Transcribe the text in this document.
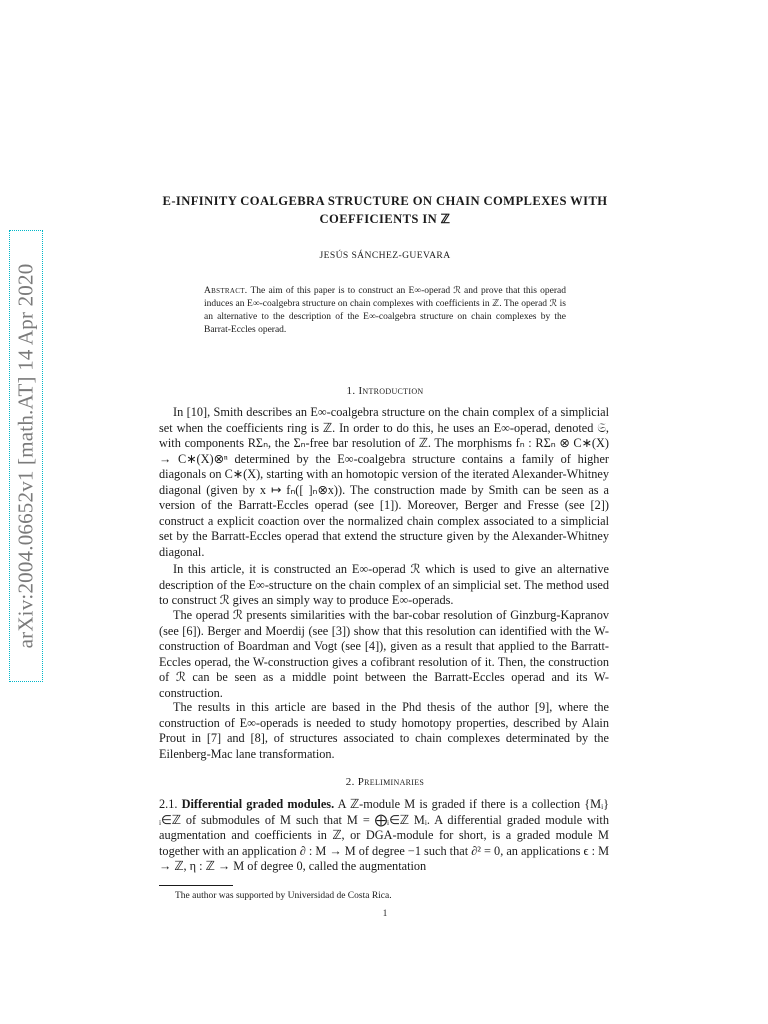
arXiv:2004.06652v1 [math.AT] 14 Apr 2020
E-INFINITY COALGEBRA STRUCTURE ON CHAIN COMPLEXES WITH COEFFICIENTS IN ℤ
JESÚS SÁNCHEZ-GUEVARA
Abstract. The aim of this paper is to construct an E∞-operad ℛ and prove that this operad induces an E∞-coalgebra structure on chain complexes with coefficients in ℤ. The operad ℛ is an alternative to the description of the E∞-coalgebra structure on chain complexes by the Barrat-Eccles operad.
1. Introduction

In [10], Smith describes an E∞-coalgebra structure on the chain complex of a simplicial set when the coefficients ring is ℤ. In order to do this, he uses an E∞-operad, denoted 𝔖, with components RΣₙ, the Σₙ-free bar resolution of ℤ. The morphisms fₙ : RΣₙ ⊗ C∗(X) → C∗(X)⊗ⁿ determined by the E∞-coalgebra structure contains a family of higher diagonals on C∗(X), starting with an homotopic version of the iterated Alexander-Whitney diagonal (given by x ↦ fₙ([ ]ₙ⊗x)). The construction made by Smith can be seen as a version of the Barratt-Eccles operad (see [1]). Moreover, Berger and Fresse (see [2]) construct a explicit coaction over the normalized chain complex associated to a simplicial set by the Barratt-Eccles operad that extend the structure given by the Alexander-Whitney diagonal.

In this article, it is constructed an E∞-operad ℛ which is used to give an alternative description of the E∞-structure on the chain complex of an simplicial set. The method used to construct ℛ gives an simply way to produce E∞-operads.

The operad ℛ presents similarities with the bar-cobar resolution of Ginzburg-Kapranov (see [6]). Berger and Moerdij (see [3]) show that this resolution can identified with the W-construction of Boardman and Vogt (see [4]), given as a result that applied to the Barratt-Eccles operad, the W-construction gives a cofibrant resolution of it. Then, the construction of ℛ can be seen as a middle point between the Barratt-Eccles operad and its W-construction.

The results in this article are based in the Phd thesis of the author [9], where the construction of E∞-operads is needed to study homotopy properties, described by Alain Prout in [7] and [8], of structures associated to chain complexes determinated by the Eilenberg-Mac lane transformation.

2. Preliminaries

2.1. Differential graded modules. A ℤ-module M is graded if there is a collection {Mᵢ}ᵢ∈ℤ of submodules of M such that M = ⨁ᵢ∈ℤ Mᵢ. A differential graded module with augmentation and coefficients in ℤ, or DGA-module for short, is a graded module M together with an application ∂ : M → M of degree −1 such that ∂² = 0, an applications ϵ : M → ℤ, η : ℤ → M of degree 0, called the augmentation

The author was supported by Universidad de Costa Rica.
1
